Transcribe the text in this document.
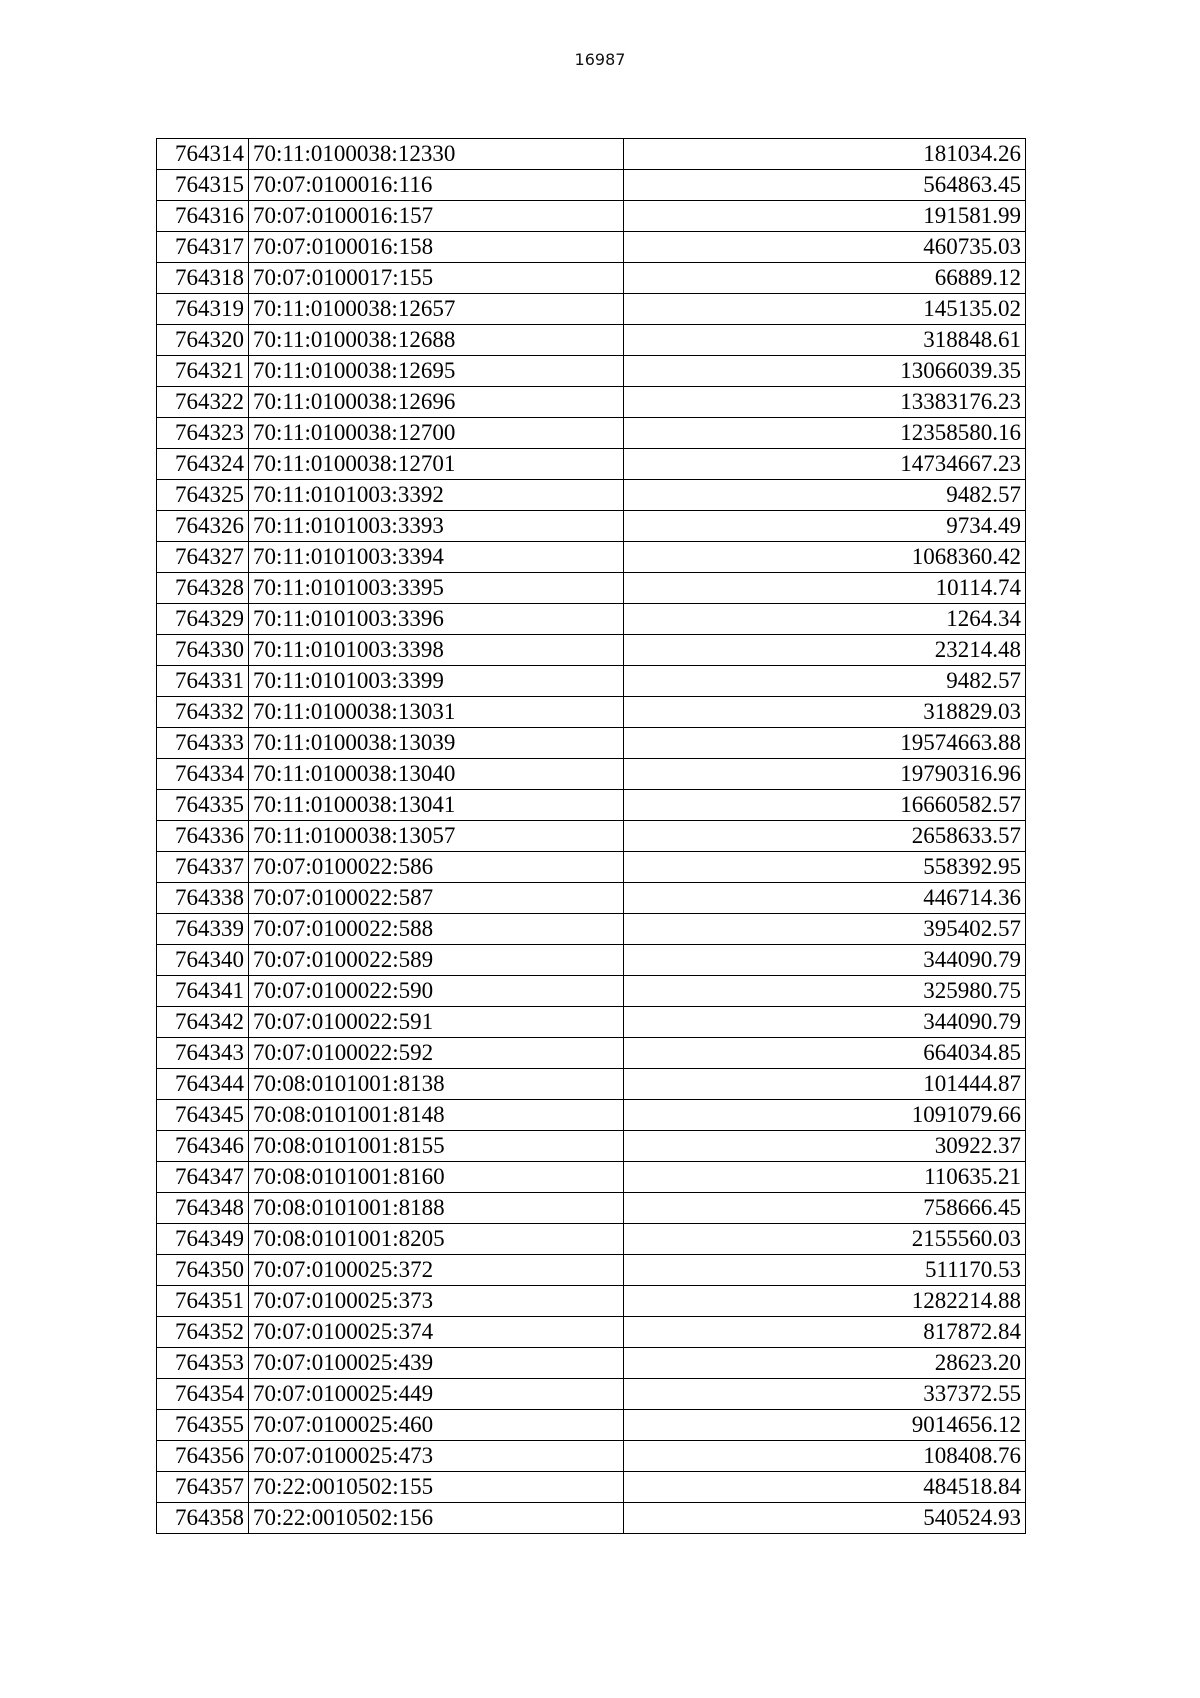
16987
764314	70:11:0100038:12330	181034.26
764315	70:07:0100016:116	564863.45
764316	70:07:0100016:157	191581.99
764317	70:07:0100016:158	460735.03
764318	70:07:0100017:155	66889.12
764319	70:11:0100038:12657	145135.02
764320	70:11:0100038:12688	318848.61
764321	70:11:0100038:12695	13066039.35
764322	70:11:0100038:12696	13383176.23
764323	70:11:0100038:12700	12358580.16
764324	70:11:0100038:12701	14734667.23
764325	70:11:0101003:3392	9482.57
764326	70:11:0101003:3393	9734.49
764327	70:11:0101003:3394	1068360.42
764328	70:11:0101003:3395	10114.74
764329	70:11:0101003:3396	1264.34
764330	70:11:0101003:3398	23214.48
764331	70:11:0101003:3399	9482.57
764332	70:11:0100038:13031	318829.03
764333	70:11:0100038:13039	19574663.88
764334	70:11:0100038:13040	19790316.96
764335	70:11:0100038:13041	16660582.57
764336	70:11:0100038:13057	2658633.57
764337	70:07:0100022:586	558392.95
764338	70:07:0100022:587	446714.36
764339	70:07:0100022:588	395402.57
764340	70:07:0100022:589	344090.79
764341	70:07:0100022:590	325980.75
764342	70:07:0100022:591	344090.79
764343	70:07:0100022:592	664034.85
764344	70:08:0101001:8138	101444.87
764345	70:08:0101001:8148	1091079.66
764346	70:08:0101001:8155	30922.37
764347	70:08:0101001:8160	110635.21
764348	70:08:0101001:8188	758666.45
764349	70:08:0101001:8205	2155560.03
764350	70:07:0100025:372	511170.53
764351	70:07:0100025:373	1282214.88
764352	70:07:0100025:374	817872.84
764353	70:07:0100025:439	28623.20
764354	70:07:0100025:449	337372.55
764355	70:07:0100025:460	9014656.12
764356	70:07:0100025:473	108408.76
764357	70:22:0010502:155	484518.84
764358	70:22:0010502:156	540524.93
